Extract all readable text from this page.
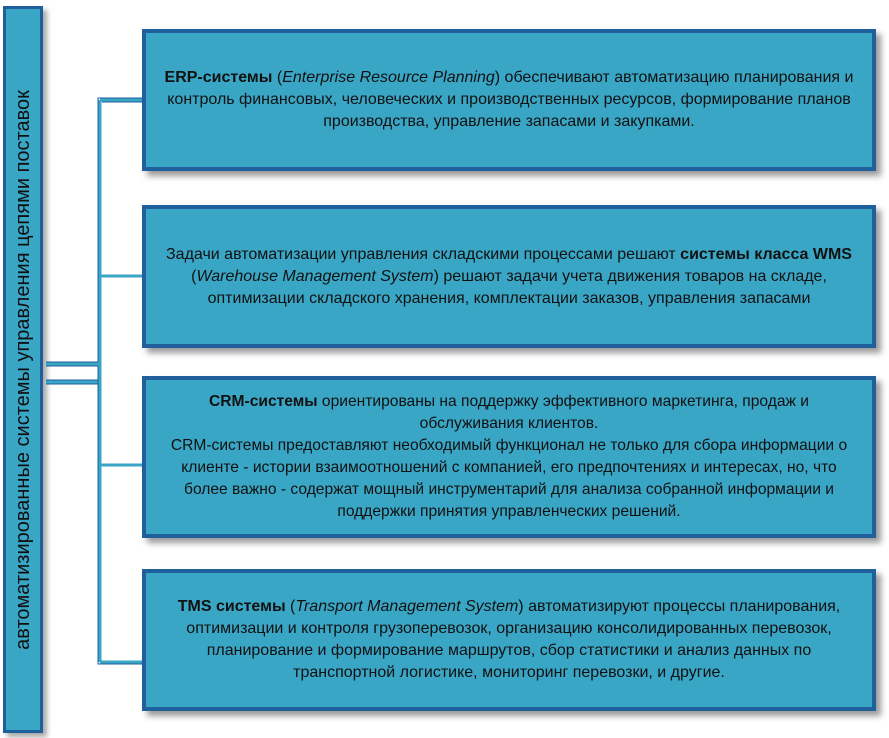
автоматизированные системы управления цепями поставок

ERP-системы (Enterprise Resource Planning) обеспечивают автоматизацию планирования и контроль финансовых, человеческих и производственных ресурсов, формирование планов производства, управление запасами и закупками.

Задачи автоматизации управления складскими процессами решают системы класса WMS (Warehouse Management System) решают задачи учета движения товаров на складе, оптимизации складского хранения, комплектации заказов, управления запасами

CRM-системы ориентированы на поддержку эффективного маркетинга, продаж и обслуживания клиентов.

CRM-системы предоставляют необходимый функционал не только для сбора информации о клиенте - истории взаимоотношений с компанией, его предпочтениях и интересах, но, что более важно - содержат мощный инструментарий для анализа собранной информации и поддержки принятия управленческих решений.

TMS системы (Transport Management System) автоматизируют процессы планирования, оптимизации и контроля грузоперевозок, организацию консолидированных перевозок, планирование и формирование маршрутов, сбор статистики и анализ данных по транспортной логистике, мониторинг перевозки, и другие.
